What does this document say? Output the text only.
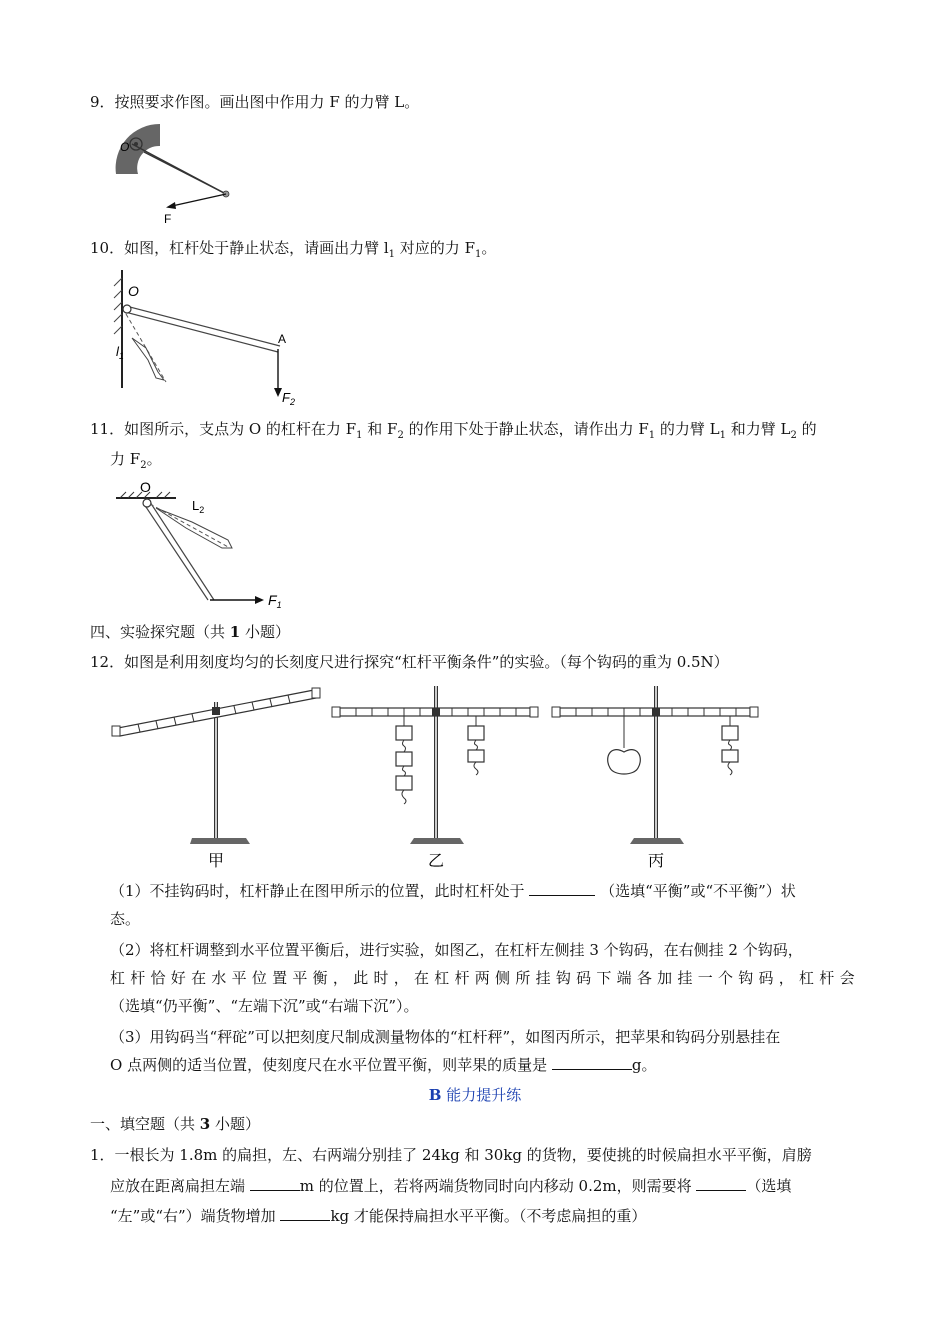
9．按照要求作图。画出图中作用力 F 的力臂 L。
O
F
10．如图，杠杆处于静止状态，请画出力臂 $l_1$ 对应的力 $F_1$。
O
A
$l_1$
$F_2$
11．如图所示，支点为 O 的杠杆在力 $F_1$ 和 $F_2$ 的作用下处于静止状态，请作出力 $F_1$ 的力臂 $L_1$ 和力臂 $L_2$ 的
力 $F_2$。
O
$L_2$
$F_1$
四、实验探究题（共 1 小题）
12．如图是利用刻度均匀的长刻度尺进行探究“杠杆平衡条件”的实验。（每个钩码的重为 0.5N）
甲	乙	丙
（1）不挂钩码时，杠杆静止在图甲所示的位置，此时杠杆处于	（选填“平衡”或“不平衡”）状
态。
（2）将杠杆调整到水平位置平衡后，进行实验，如图乙，在杠杆左侧挂 3 个钩码，在右侧挂 2 个钩码，
杠 杆 恰 好 在 水 平 位 置 平 衡 ， 此 时 ， 在 杠 杆 两 侧 所 挂 钩 码 下 端 各 加 挂 一 个 钩 码 ， 杠 杆 会
（选填“仍平衡”、“左端下沉”或“右端下沉”）。
（3）用钩码当“秤砣”可以把刻度尺制成测量物体的“杠杆秤”，如图丙所示，把苹果和钩码分别悬挂在
O 点两侧的适当位置，使刻度尺在水平位置平衡，则苹果的质量是	g。
B 能力提升练
一、填空题（共 3 小题）
1．一根长为 1.8m 的扁担，左、右两端分别挂了 24kg 和 30kg 的货物，要使挑的时候扁担水平平衡，肩膀
应放在距离扁担左端	m 的位置上，若将两端货物同时向内移动 0.2m，则需要将	（选填
“左”或“右”）端货物增加	kg 才能保持扁担水平平衡。（不考虑扁担的重）
